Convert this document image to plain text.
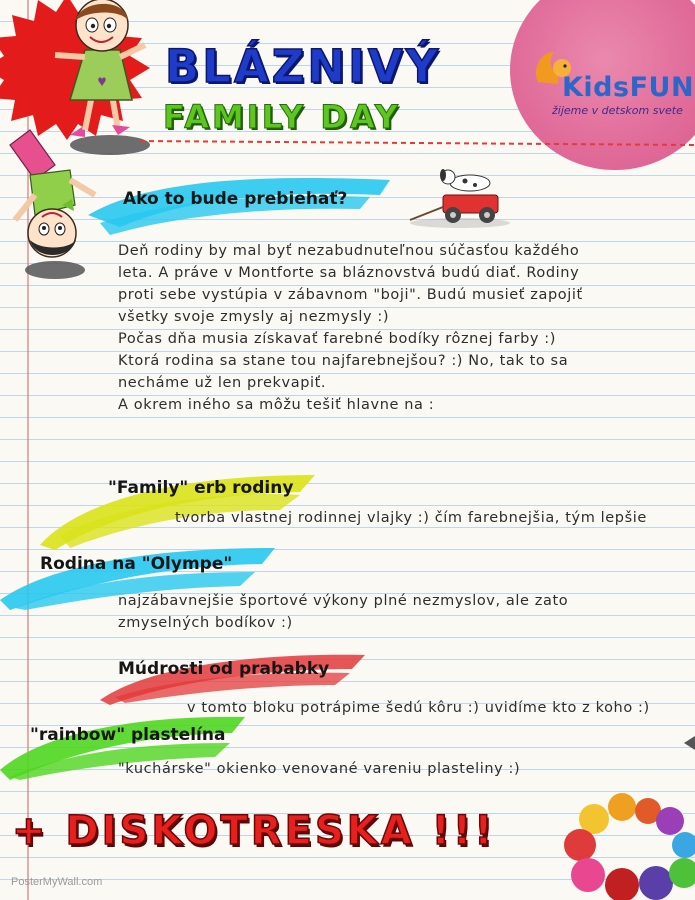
KidsFUN
žijeme v detskom svete
BLÁZNIVÝ
FAMILY DAY
Ako to bude prebiehať?
Deň rodiny by mal byť nezabudnuteľnou súčasťou každého
leta. A práve v Montforte sa bláznovstvá budú diať. Rodiny
proti sebe vystúpia v zábavnom "boji". Budú musieť zapojiť
všetky svoje zmysly aj nezmysly :)
Počas dňa musia získavať farebné bodíky rôznej farby :)
Ktorá rodina sa stane tou najfarebnejšou? :) No, tak to sa
necháme už len prekvapiť.
A okrem iného sa môžu tešiť hlavne na :
"Family" erb rodiny
tvorba vlastnej rodinnej vlajky :) čím farebnejšia, tým lepšie
Rodina na "Olympe"
najzábavnejšie športové výkony plné nezmyslov, ale zato
zmyselných bodíkov :)
Múdrosti od prababky
v tomto bloku potrápime šedú kôru :) uvidíme kto z koho :)
"rainbow" plastelína
"kuchárske" okienko venované vareniu plasteliny :)
+ DISKOTRESKA !!!
PosterMyWall.com
